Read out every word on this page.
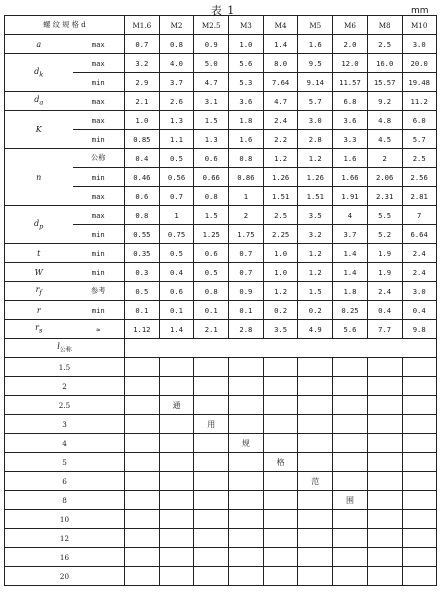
表 1	mm
螺 纹 规 格 d		M1.6	M2	M2.5	M3	M4	M5	M6	M8	M10
a	max	0.7	0.8	0.9	1.0	1.4	1.6	2.0	2.5	3.0
$d_k$	max	3.2	4.0	5.0	5.6	8.0	9.5	12.0	16.0	20.0
	min	2.9	3.7	4.7	5.3	7.64	9.14	11.57	15.57	19.48
$d_a$	max	2.1	2.6	3.1	3.6	4.7	5.7	6.8	9.2	11.2
K	max	1.0	1.3	1.5	1.8	2.4	3.0	3.6	4.8	6.0
	min	0.85	1.1	1.3	1.6	2.2	2.8	3.3	4.5	5.7
n	公称	0.4	0.5	0.6	0.8	1.2	1.2	1.6	2	2.5
	min	0.46	0.56	0.66	0.86	1.26	1.26	1.66	2.06	2.56
	max	0.6	0.7	0.8	1	1.51	1.51	1.91	2.31	2.81
$d_p$	max	0.8	1	1.5	2	2.5	3.5	4	5.5	7
	min	0.55	0.75	1.25	1.75	2.25	3.2	3.7	5.2	6.64
t	min	0.35	0.5	0.6	0.7	1.0	1.2	1.4	1.9	2.4
W	min	0.3	0.4	0.5	0.7	1.0	1.2	1.4	1.9	2.4
$r_f$	参考	0.5	0.6	0.8	0.9	1.2	1.5	1.8	2.4	3.0
r	min	0.1	0.1	0.1	0.1	0.2	0.2	0.25	0.4	0.4
$r_s$	≈	1.12	1.4	2.1	2.8	3.5	4.9	5.6	7.7	9.8
$l_{公称}$	
1.5										
2										
2.5			通							
3				用						
4					规					
5						格				
6							范			
8								围		
10										
12										
16										
20										
